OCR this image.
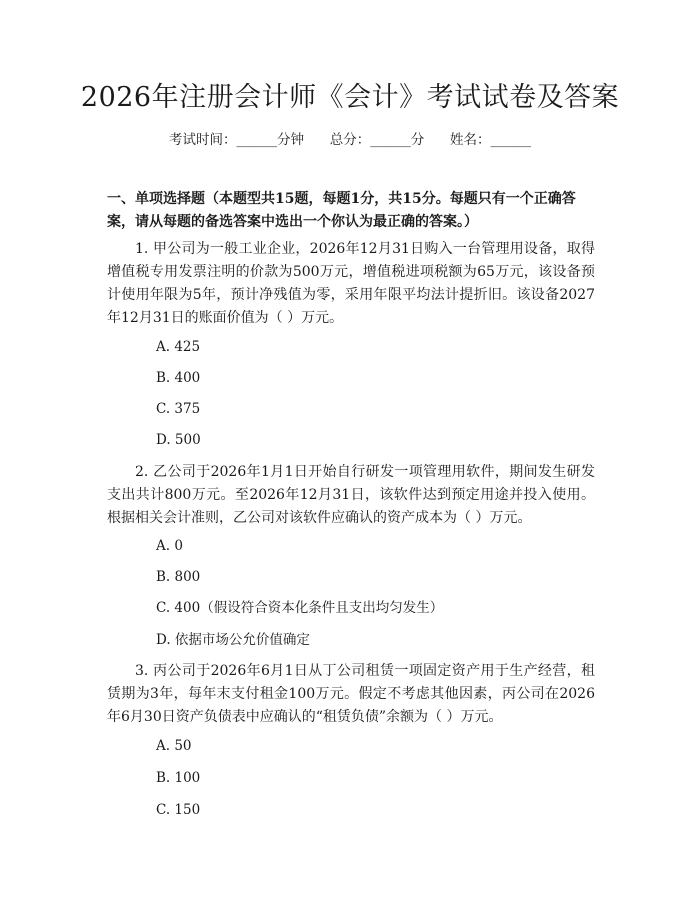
2026年注册会计师《会计》考试试卷及答案
考试时间：______分钟      总分：______分      姓名：______
一、单项选择题（本题型共15题，每题1分，共15分。每题只有一个正确答案，请从每题的备选答案中选出一个你认为最正确的答案。）
1. 甲公司为一般工业企业，2026年12月31日购入一台管理用设备，取得增值税专用发票注明的价款为500万元，增值税进项税额为65万元，该设备预计使用年限为5年，预计净残值为零，采用年限平均法计提折旧。该设备2027年12月31日的账面价值为（ ）万元。
A. 425
B. 400
C. 375
D. 500
2. 乙公司于2026年1月1日开始自行研发一项管理用软件，期间发生研发支出共计800万元。至2026年12月31日，该软件达到预定用途并投入使用。根据相关会计准则，乙公司对该软件应确认的资产成本为（ ）万元。
A. 0
B. 800
C. 400（假设符合资本化条件且支出均匀发生）
D. 依据市场公允价值确定
3. 丙公司于2026年6月1日从丁公司租赁一项固定资产用于生产经营，租赁期为3年，每年末支付租金100万元。假定不考虑其他因素，丙公司在2026年6月30日资产负债表中应确认的“租赁负债”余额为（ ）万元。
A. 50
B. 100
C. 150
